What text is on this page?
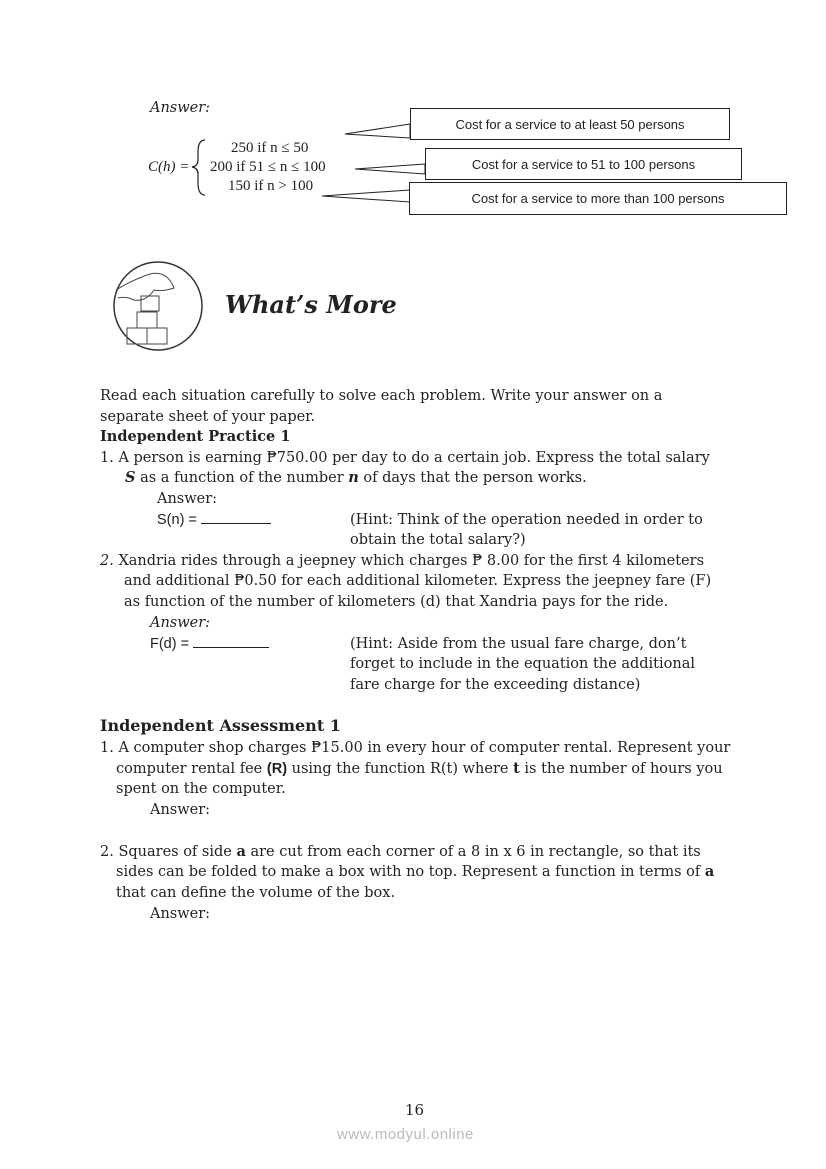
Answer:
C(h) =
250 if n ≤ 50
200 if 51 ≤ n ≤ 100
150 if n > 100
Cost for a service to at least 50 persons
Cost for a service to 51 to 100 persons
Cost for a service to more than 100 persons
What’s More
Read each situation carefully to solve each problem. Write your answer on a
separate sheet of your paper.
Independent Practice 1
1. A person is earning ₱750.00 per day to do a certain job. Express the total salary
S as a function of the number n of days that the person works.
Answer:
S(n) =	(Hint: Think of the operation needed in order to
obtain the total salary?)
2. Xandria rides through a jeepney which charges ₱ 8.00 for the first 4 kilometers
and additional ₱0.50 for each additional kilometer. Express the jeepney fare (F)
as function of the number of kilometers (d) that Xandria pays for the ride.
Answer:
F(d) =	(Hint: Aside from the usual fare charge, don’t
forget to include in the equation the additional
fare charge for the exceeding distance)
Independent Assessment 1
1. A computer shop charges ₱15.00 in every hour of computer rental. Represent your
computer rental fee (R) using the function R(t) where t is the number of hours you
spent on the computer.
Answer:
2. Squares of side a are cut from each corner of a 8 in x 6 in rectangle, so that its
sides can be folded to make a box with no top. Represent a function in terms of a
that can define the volume of the box.
Answer:
16
www.modyul.online
